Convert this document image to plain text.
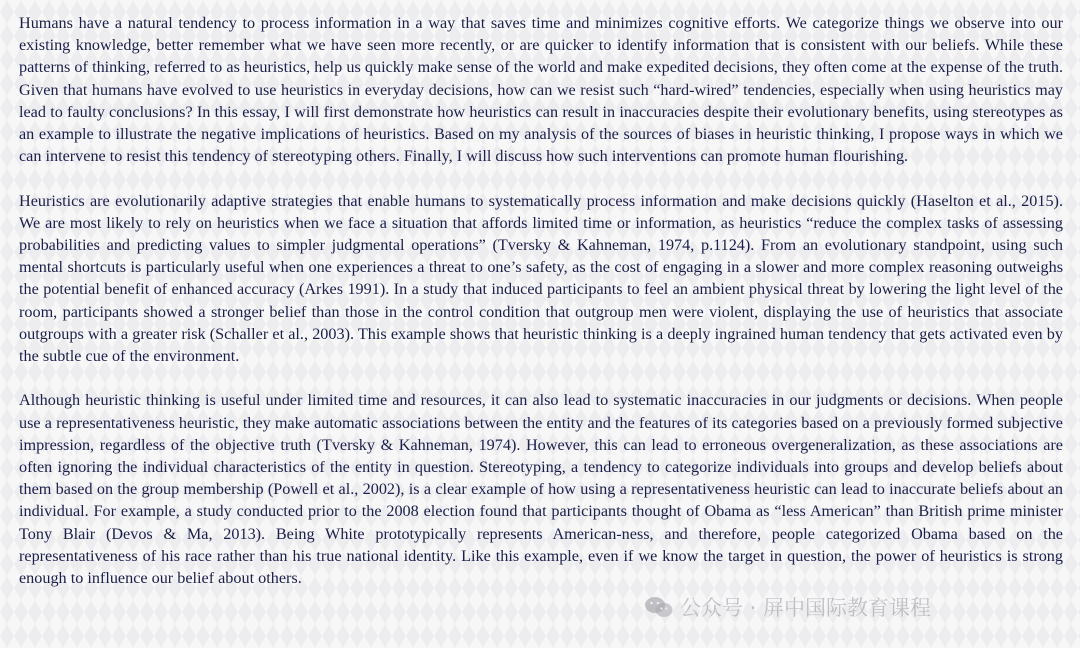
Humans have a natural tendency to process information in a way that saves time and minimizes cognitive efforts. We categorize things we observe into our existing knowledge, better remember what we have seen more recently, or are quicker to identify information that is consistent with our beliefs. While these patterns of thinking, referred to as heuristics, help us quickly make sense of the world and make expedited decisions, they often come at the expense of the truth. Given that humans have evolved to use heuristics in everyday decisions, how can we resist such “hard-wired” tendencies, especially when using heuristics may lead to faulty conclusions? In this essay, I will first demonstrate how heuristics can result in inaccuracies despite their evolutionary benefits, using stereotypes as an example to illustrate the negative implications of heuristics. Based on my analysis of the sources of biases in heuristic thinking, I propose ways in which we can intervene to resist this tendency of stereotyping others. Finally, I will discuss how such interventions can promote human flourishing.

Heuristics are evolutionarily adaptive strategies that enable humans to systematically process information and make decisions quickly (Haselton et al., 2015). We are most likely to rely on heuristics when we face a situation that affords limited time or information, as heuristics “reduce the complex tasks of assessing probabilities and predicting values to simpler judgmental operations” (Tversky & Kahneman, 1974, p.1124). From an evolutionary standpoint, using such mental shortcuts is particularly useful when one experiences a threat to one’s safety, as the cost of engaging in a slower and more complex reasoning outweighs the potential benefit of enhanced accuracy (Arkes 1991). In a study that induced participants to feel an ambient physical threat by lowering the light level of the room, participants showed a stronger belief than those in the control condition that outgroup men were violent, displaying the use of heuristics that associate outgroups with a greater risk (Schaller et al., 2003). This example shows that heuristic thinking is a deeply ingrained human tendency that gets activated even by the subtle cue of the environment.

Although heuristic thinking is useful under limited time and resources, it can also lead to systematic inaccuracies in our judgments or decisions. When people use a representativeness heuristic, they make automatic associations between the entity and the features of its categories based on a previously formed subjective impression, regardless of the objective truth (Tversky & Kahneman, 1974). However, this can lead to erroneous overgeneralization, as these associations are often ignoring the individual characteristics of the entity in question. Stereotyping, a tendency to categorize individuals into groups and develop beliefs about them based on the group membership (Powell et al., 2002), is a clear example of how using a representativeness heuristic can lead to inaccurate beliefs about an individual. For example, a study conducted prior to the 2008 election found that participants thought of Obama as “less American” than British prime minister Tony Blair (Devos & Ma, 2013). Being White prototypically represents American-ness, and therefore, people categorized Obama based on the representativeness of his race rather than his true national identity. Like this example, even if we know the target in question, the power of heuristics is strong enough to influence our belief about others.

公众号 · 屏中国际教育课程
